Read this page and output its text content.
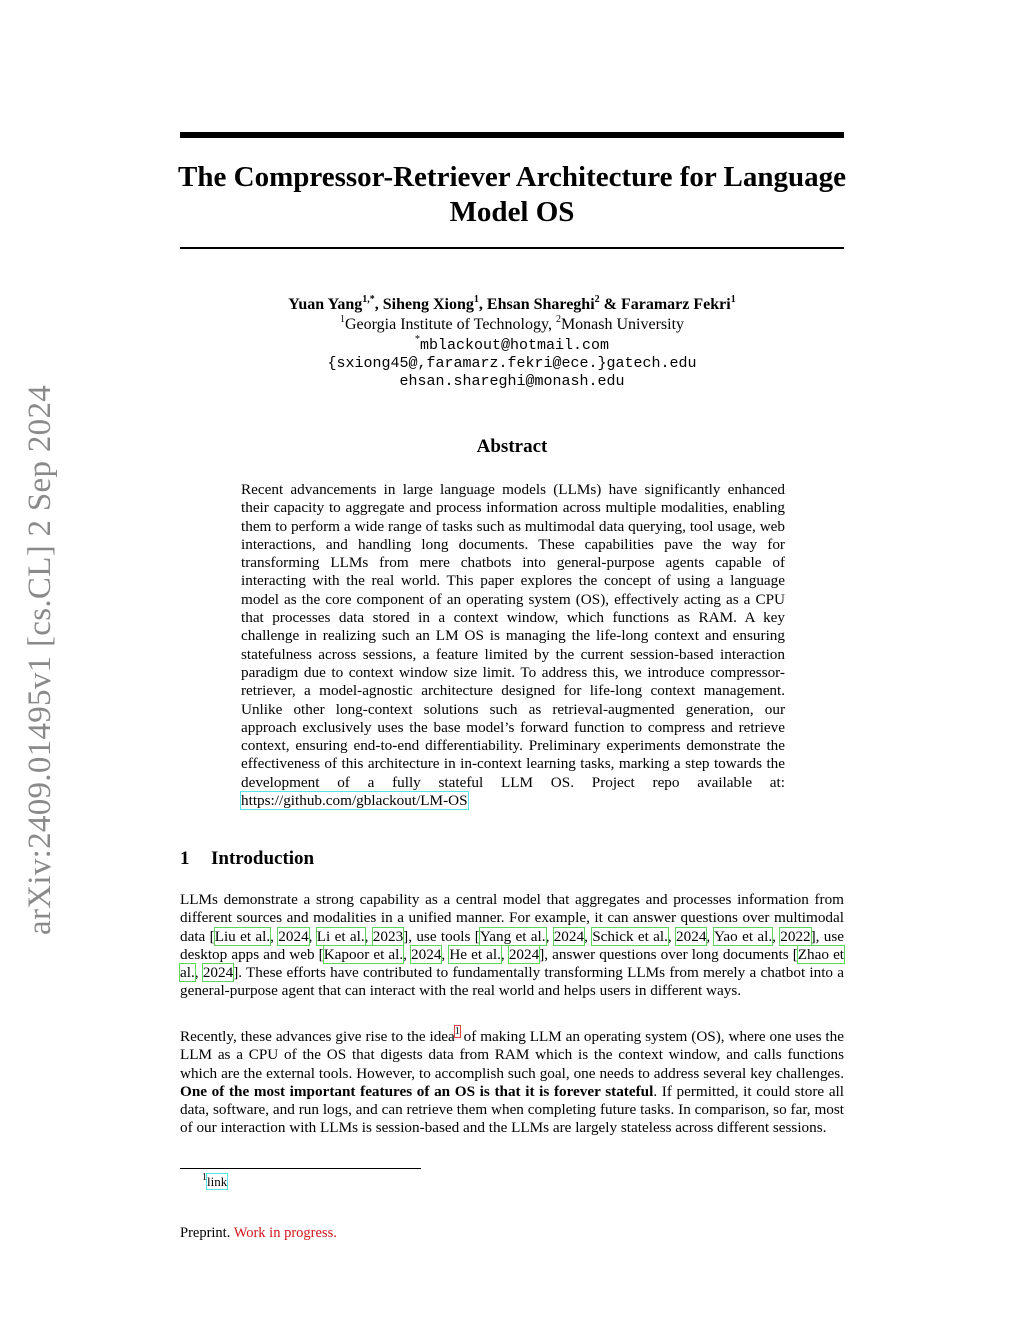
arXiv:2409.01495v1 [cs.CL] 2 Sep 2024
The Compressor-Retriever Architecture for Language Model OS
Yuan Yang$^{1,*}$, Siheng Xiong$^1$, Ehsan Shareghi$^2$ & Faramarz Fekri$^1$
$^1$Georgia Institute of Technology, $^2$Monash University
*mblackout@hotmail.com
{sxiong45@,faramarz.fekri@ece.}gatech.edu
ehsan.shareghi@monash.edu
Abstract
Recent advancements in large language models (LLMs) have significantly enhanced their capacity to aggregate and process information across multiple modalities, enabling them to perform a wide range of tasks such as multimodal data querying, tool usage, web interactions, and handling long documents. These capabilities pave the way for transforming LLMs from mere chatbots into general-purpose agents capable of interacting with the real world. This paper explores the concept of using a language model as the core component of an operating system (OS), effectively acting as a CPU that processes data stored in a context window, which functions as RAM. A key challenge in realizing such an LM OS is managing the life-long context and ensuring statefulness across sessions, a feature limited by the current session-based interaction paradigm due to context window size limit. To address this, we introduce compressor-retriever, a model-agnostic architecture designed for life-long context management. Unlike other long-context solutions such as retrieval-augmented generation, our approach exclusively uses the base model’s forward function to compress and retrieve context, ensuring end-to-end differentiability. Preliminary experiments demonstrate the effectiveness of this architecture in in-context learning tasks, marking a step towards the development of a fully stateful LLM OS. Project repo available at: https://github.com/gblackout/LM-OS
1 Introduction
LLMs demonstrate a strong capability as a central model that aggregates and processes information from different sources and modalities in a unified manner. For example, it can answer questions over multimodal data [Liu et al., 2024, Li et al., 2023], use tools [Yang et al., 2024, Schick et al., 2024, Yao et al., 2022], use desktop apps and web [Kapoor et al., 2024, He et al., 2024], answer questions over long documents [Zhao et al., 2024]. These efforts have contributed to fundamentally transforming LLMs from merely a chatbot into a general-purpose agent that can interact with the real world and helps users in different ways.
Recently, these advances give rise to the idea$^1$ of making LLM an operating system (OS), where one uses the LLM as a CPU of the OS that digests data from RAM which is the context window, and calls functions which are the external tools. However, to accomplish such goal, one needs to address several key challenges. One of the most important features of an OS is that it is forever stateful. If permitted, it could store all data, software, and run logs, and can retrieve them when completing future tasks. In comparison, so far, most of our interaction with LLMs is session-based and the LLMs are largely stateless across different sessions.
$^1$link
Preprint. Work in progress.
